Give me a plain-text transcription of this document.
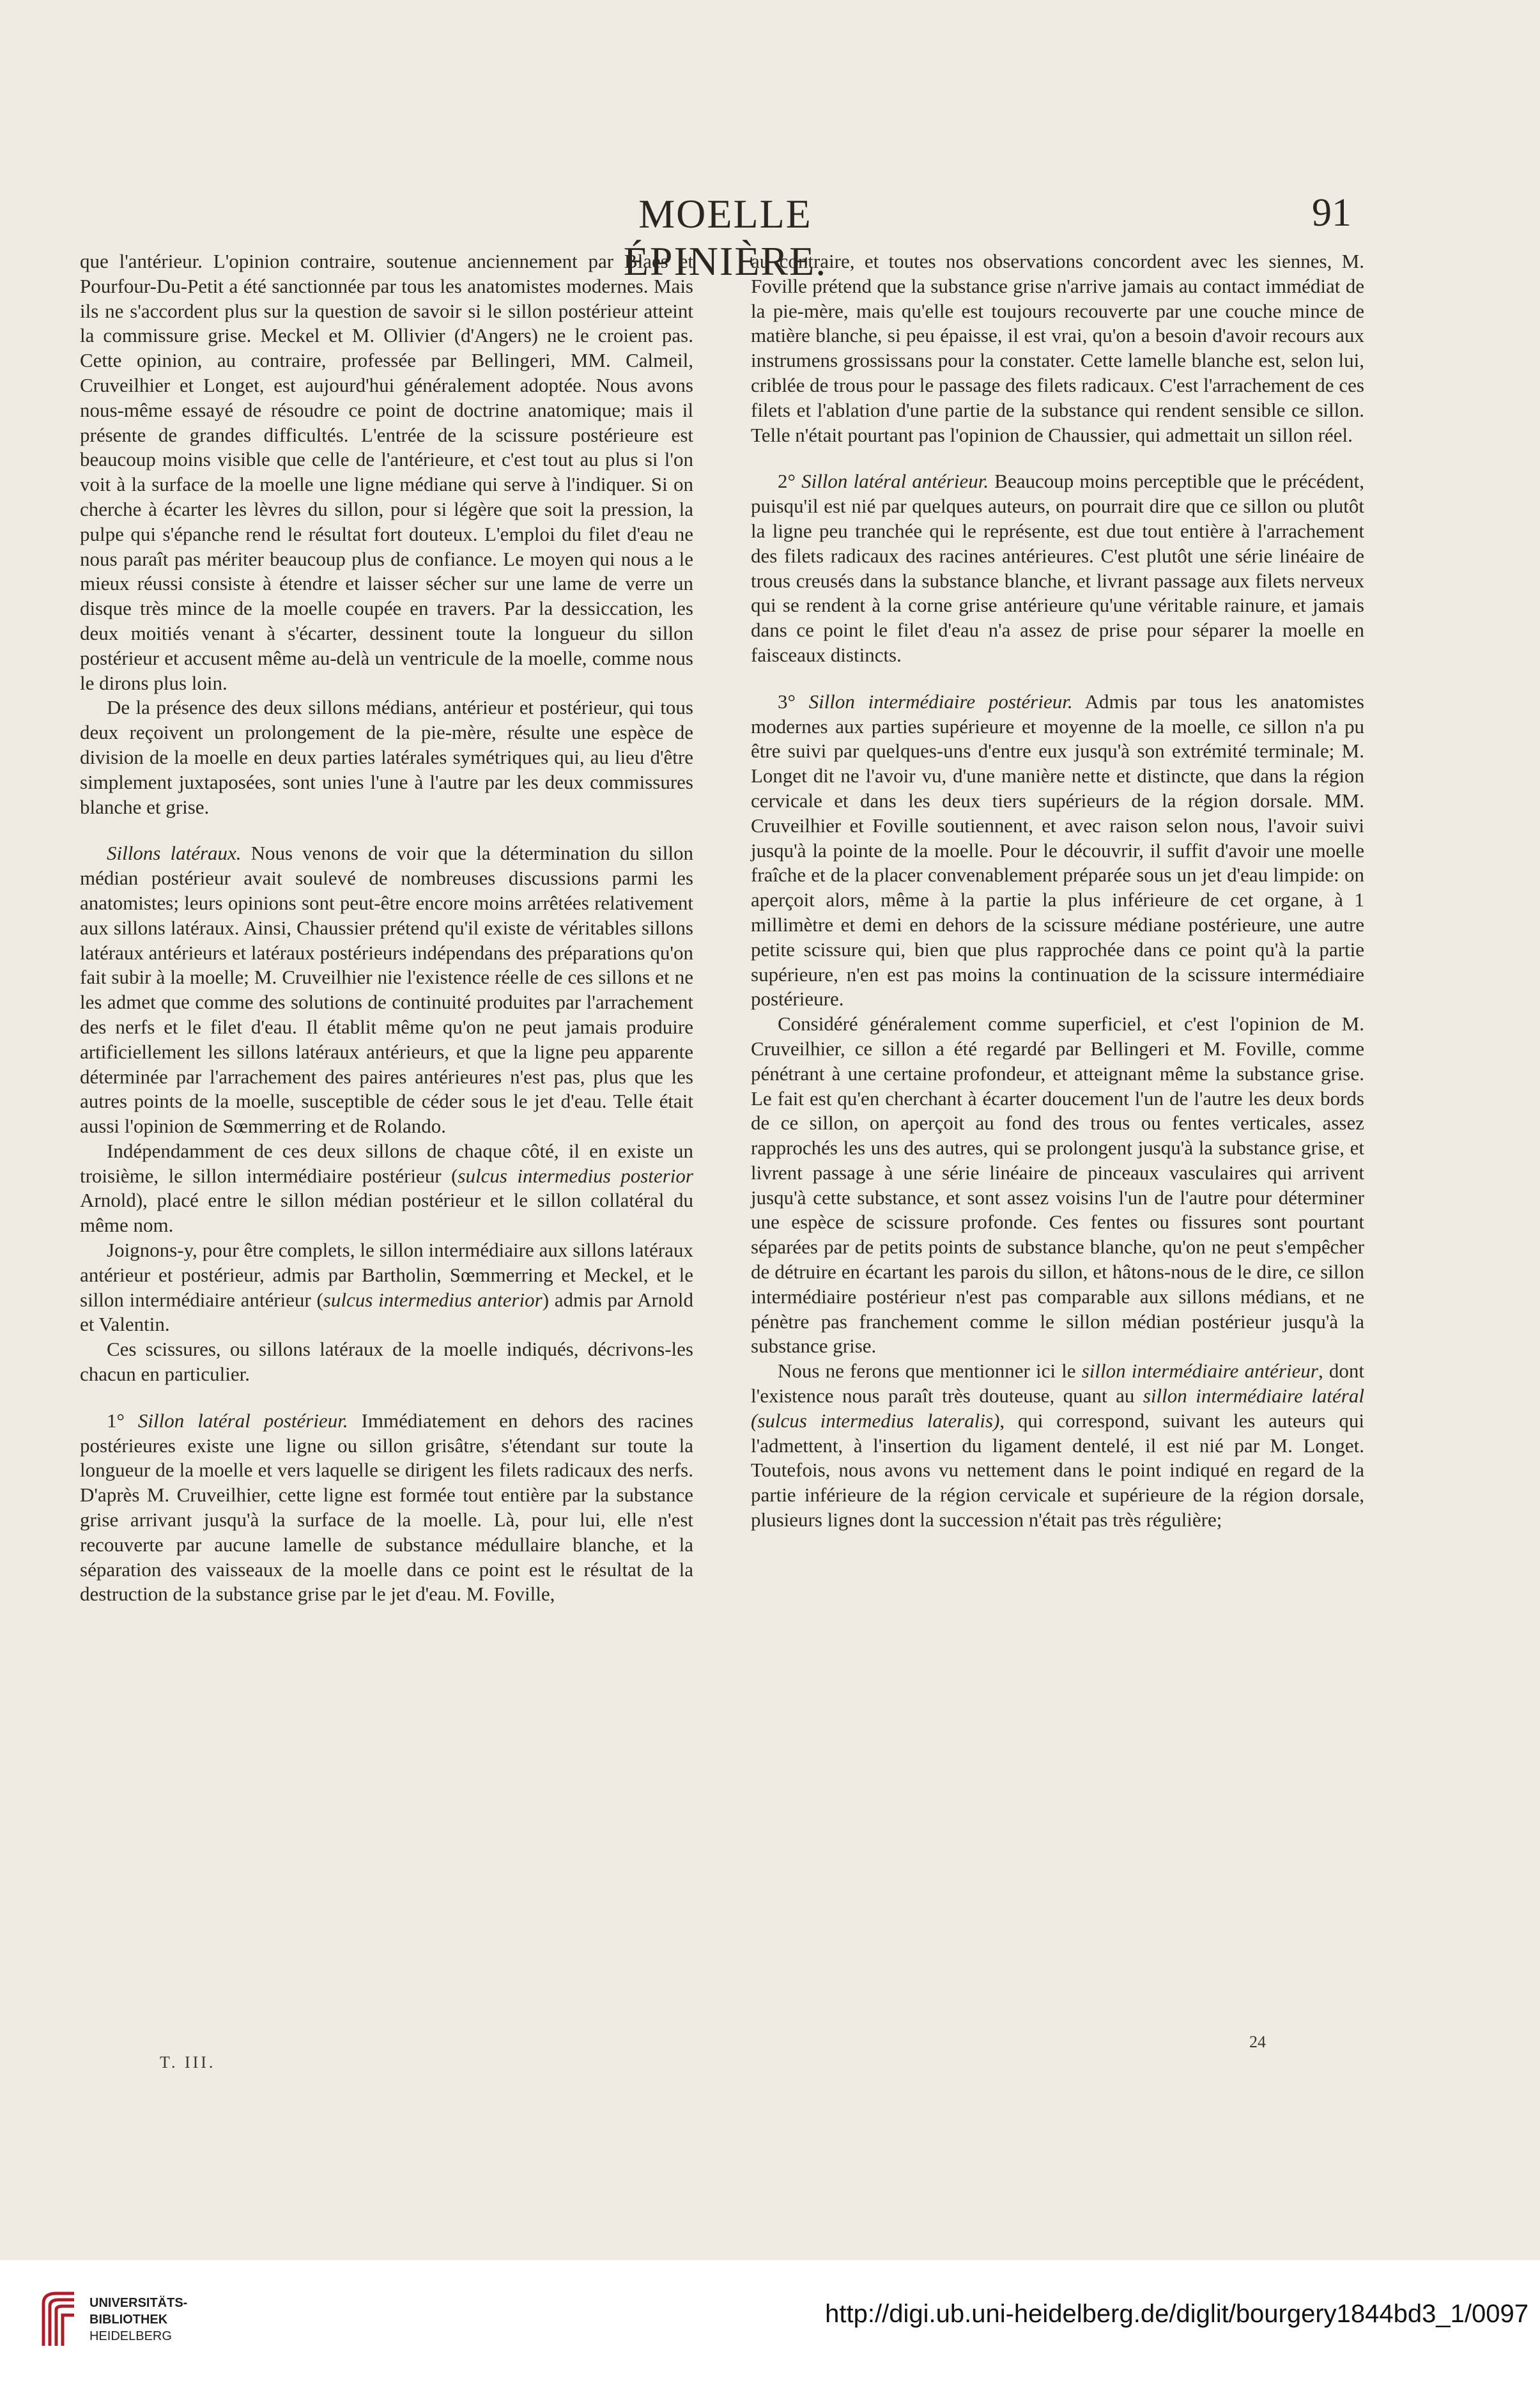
MOELLE ÉPINIÈRE.
91

que l'antérieur. L'opinion contraire, soutenue anciennement par Blaes et Pourfour-Du-Petit a été sanctionnée par tous les anatomistes modernes. Mais ils ne s'accordent plus sur la question de savoir si le sillon postérieur atteint la commissure grise. Meckel et M. Ollivier (d'Angers) ne le croient pas. Cette opinion, au contraire, professée par Bellingeri, MM. Calmeil, Cruveilhier et Longet, est aujourd'hui généralement adoptée. Nous avons nous-même essayé de résoudre ce point de doctrine anatomique; mais il présente de grandes difficultés. L'entrée de la scissure postérieure est beaucoup moins visible que celle de l'antérieure, et c'est tout au plus si l'on voit à la surface de la moelle une ligne médiane qui serve à l'indiquer. Si on cherche à écarter les lèvres du sillon, pour si légère que soit la pression, la pulpe qui s'épanche rend le résultat fort douteux. L'emploi du filet d'eau ne nous paraît pas mériter beaucoup plus de confiance. Le moyen qui nous a le mieux réussi consiste à étendre et laisser sécher sur une lame de verre un disque très mince de la moelle coupée en travers. Par la dessiccation, les deux moitiés venant à s'écarter, dessinent toute la longueur du sillon postérieur et accusent même au-delà un ventricule de la moelle, comme nous le dirons plus loin.

De la présence des deux sillons médians, antérieur et postérieur, qui tous deux reçoivent un prolongement de la pie-mère, résulte une espèce de division de la moelle en deux parties latérales symétriques qui, au lieu d'être simplement juxtaposées, sont unies l'une à l'autre par les deux commissures blanche et grise.

Sillons latéraux. Nous venons de voir que la détermination du sillon médian postérieur avait soulevé de nombreuses discussions parmi les anatomistes; leurs opinions sont peut-être encore moins arrêtées relativement aux sillons latéraux. Ainsi, Chaussier prétend qu'il existe de véritables sillons latéraux antérieurs et latéraux postérieurs indépendans des préparations qu'on fait subir à la moelle; M. Cruveilhier nie l'existence réelle de ces sillons et ne les admet que comme des solutions de continuité produites par l'arrachement des nerfs et le filet d'eau. Il établit même qu'on ne peut jamais produire artificiellement les sillons latéraux antérieurs, et que la ligne peu apparente déterminée par l'arrachement des paires antérieures n'est pas, plus que les autres points de la moelle, susceptible de céder sous le jet d'eau. Telle était aussi l'opinion de Sœmmerring et de Rolando.

Indépendamment de ces deux sillons de chaque côté, il en existe un troisième, le sillon intermédiaire postérieur (sulcus intermedius posterior Arnold), placé entre le sillon médian postérieur et le sillon collatéral du même nom.

Joignons-y, pour être complets, le sillon intermédiaire aux sillons latéraux antérieur et postérieur, admis par Bartholin, Sœmmerring et Meckel, et le sillon intermédiaire antérieur (sulcus intermedius anterior) admis par Arnold et Valentin.

Ces scissures, ou sillons latéraux de la moelle indiqués, décrivons-les chacun en particulier.

1° Sillon latéral postérieur. Immédiatement en dehors des racines postérieures existe une ligne ou sillon grisâtre, s'étendant sur toute la longueur de la moelle et vers laquelle se dirigent les filets radicaux des nerfs. D'après M. Cruveilhier, cette ligne est formée tout entière par la substance grise arrivant jusqu'à la surface de la moelle. Là, pour lui, elle n'est recouverte par aucune lamelle de substance médullaire blanche, et la séparation des vaisseaux de la moelle dans ce point est le résultat de la destruction de la substance grise par le jet d'eau. M. Foville,

au contraire, et toutes nos observations concordent avec les siennes, M. Foville prétend que la substance grise n'arrive jamais au contact immédiat de la pie-mère, mais qu'elle est toujours recouverte par une couche mince de matière blanche, si peu épaisse, il est vrai, qu'on a besoin d'avoir recours aux instrumens grossissans pour la constater. Cette lamelle blanche est, selon lui, criblée de trous pour le passage des filets radicaux. C'est l'arrachement de ces filets et l'ablation d'une partie de la substance qui rendent sensible ce sillon. Telle n'était pourtant pas l'opinion de Chaussier, qui admettait un sillon réel.

2° Sillon latéral antérieur. Beaucoup moins perceptible que le précédent, puisqu'il est nié par quelques auteurs, on pourrait dire que ce sillon ou plutôt la ligne peu tranchée qui le représente, est due tout entière à l'arrachement des filets radicaux des racines antérieures. C'est plutôt une série linéaire de trous creusés dans la substance blanche, et livrant passage aux filets nerveux qui se rendent à la corne grise antérieure qu'une véritable rainure, et jamais dans ce point le filet d'eau n'a assez de prise pour séparer la moelle en faisceaux distincts.

3° Sillon intermédiaire postérieur. Admis par tous les anatomistes modernes aux parties supérieure et moyenne de la moelle, ce sillon n'a pu être suivi par quelques-uns d'entre eux jusqu'à son extrémité terminale; M. Longet dit ne l'avoir vu, d'une manière nette et distincte, que dans la région cervicale et dans les deux tiers supérieurs de la région dorsale. MM. Cruveilhier et Foville soutiennent, et avec raison selon nous, l'avoir suivi jusqu'à la pointe de la moelle. Pour le découvrir, il suffit d'avoir une moelle fraîche et de la placer convenablement préparée sous un jet d'eau limpide: on aperçoit alors, même à la partie la plus inférieure de cet organe, à 1 millimètre et demi en dehors de la scissure médiane postérieure, une autre petite scissure qui, bien que plus rapprochée dans ce point qu'à la partie supérieure, n'en est pas moins la continuation de la scissure intermédiaire postérieure.

Considéré généralement comme superficiel, et c'est l'opinion de M. Cruveilhier, ce sillon a été regardé par Bellingeri et M. Foville, comme pénétrant à une certaine profondeur, et atteignant même la substance grise. Le fait est qu'en cherchant à écarter doucement l'un de l'autre les deux bords de ce sillon, on aperçoit au fond des trous ou fentes verticales, assez rapprochés les uns des autres, qui se prolongent jusqu'à la substance grise, et livrent passage à une série linéaire de pinceaux vasculaires qui arrivent jusqu'à cette substance, et sont assez voisins l'un de l'autre pour déterminer une espèce de scissure profonde. Ces fentes ou fissures sont pourtant séparées par de petits points de substance blanche, qu'on ne peut s'empêcher de détruire en écartant les parois du sillon, et hâtons-nous de le dire, ce sillon intermédiaire postérieur n'est pas comparable aux sillons médians, et ne pénètre pas franchement comme le sillon médian postérieur jusqu'à la substance grise.

Nous ne ferons que mentionner ici le sillon intermédiaire antérieur, dont l'existence nous paraît très douteuse, quant au sillon intermédiaire latéral (sulcus intermedius lateralis), qui correspond, suivant les auteurs qui l'admettent, à l'insertion du ligament dentelé, il est nié par M. Longet. Toutefois, nous avons vu nettement dans le point indiqué en regard de la partie inférieure de la région cervicale et supérieure de la région dorsale, plusieurs lignes dont la succession n'était pas très régulière;

T. III.
24
UNIVERSITÄTS-
BIBLIOTHEK
HEIDELBERG
http://digi.ub.uni-heidelberg.de/diglit/bourgery1844bd3_1/0097
